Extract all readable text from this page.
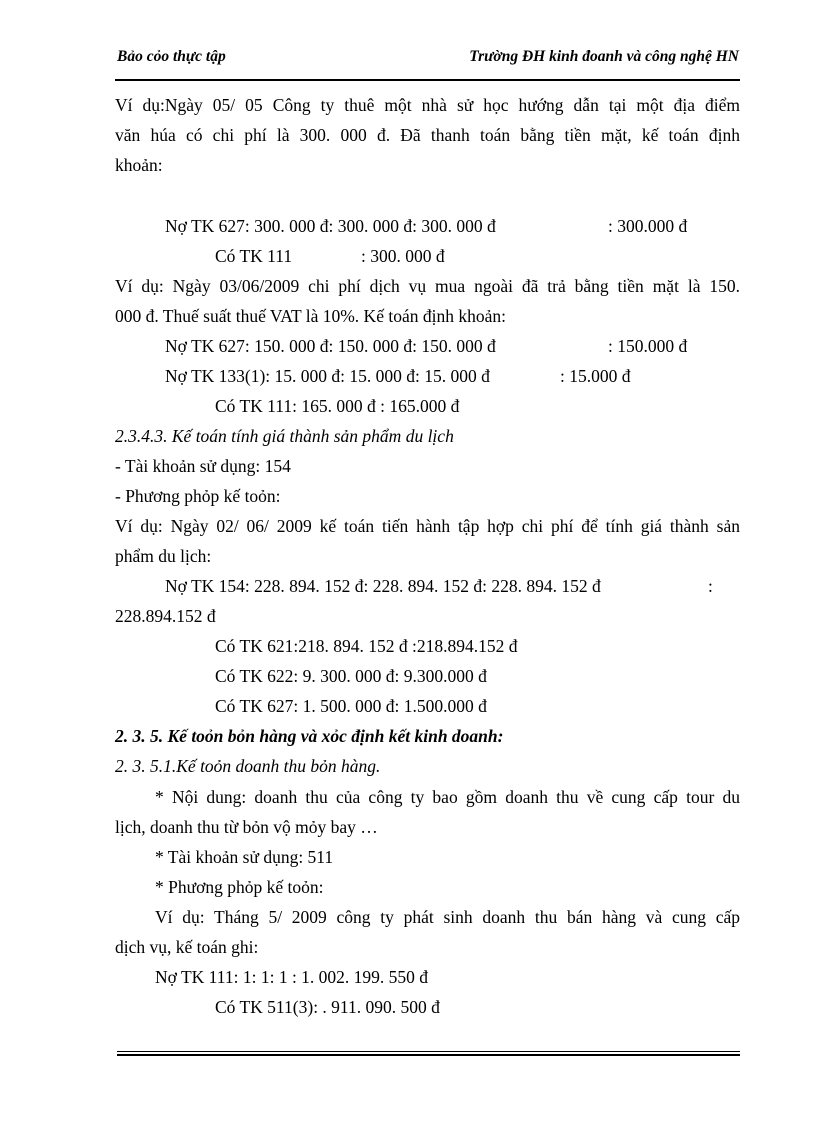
Bảo cỏo thực tập	Trường ĐH kinh đoanh và công nghệ HN
Ví dụ:Ngày 05/ 05 Công ty thuê một nhà sử học hướng dẫn tại một địa điểm
văn húa có chi phí là 300. 000 đ. Đã thanh toán bằng tiền mặt, kế toán định
khoản:
Nợ TK 627: 300. 000 đ: 300. 000 đ: 300. 000 đ	: 300.000 đ
Có TK 111	: 300. 000 đ
Ví dụ: Ngày 03/06/2009 chi phí dịch vụ mua ngoài đã trả bằng tiền mặt là 150.
000 đ. Thuế suất thuế VAT là 10%. Kế toán định khoản:
Nợ TK 627: 150. 000 đ: 150. 000 đ: 150. 000 đ	: 150.000 đ
Nợ TK 133(1): 15. 000 đ: 15. 000 đ: 15. 000 đ	: 15.000 đ
Có TK 111: 165. 000 đ : 165.000 đ
2.3.4.3. Kế toán tính giá thành sản phẩm du lịch
- Tài khoản sử dụng: 154
- Phương phỏp kế toỏn:
Ví dụ: Ngày 02/ 06/ 2009 kế toán tiến hành tập hợp chi phí để tính giá thành sản
phẩm du lịch:
Nợ TK 154: 228. 894. 152 đ: 228. 894. 152 đ: 228. 894. 152 đ	:
228.894.152 đ
Có TK 621:218. 894. 152 đ :218.894.152 đ
Có TK 622: 9. 300. 000 đ: 9.300.000 đ
Có TK 627: 1. 500. 000 đ: 1.500.000 đ
2. 3. 5. Kế toỏn bỏn hàng và xỏc định kết kinh doanh:
2. 3. 5.1.Kế toỏn doanh thu bỏn hàng.
* Nội dung: doanh thu của công ty bao gồm doanh thu về cung cấp tour du
lịch, doanh thu từ bỏn vộ mỏy bay …
* Tài khoản sử dụng: 511
* Phương phỏp kế toỏn:
Ví dụ: Tháng 5/ 2009 công ty phát sinh doanh thu bán hàng và cung cấp
dịch vụ, kế toán ghi:
Nợ TK 111: 1: 1: 1 : 1. 002. 199. 550 đ
Có TK 511(3): . 911. 090. 500 đ
